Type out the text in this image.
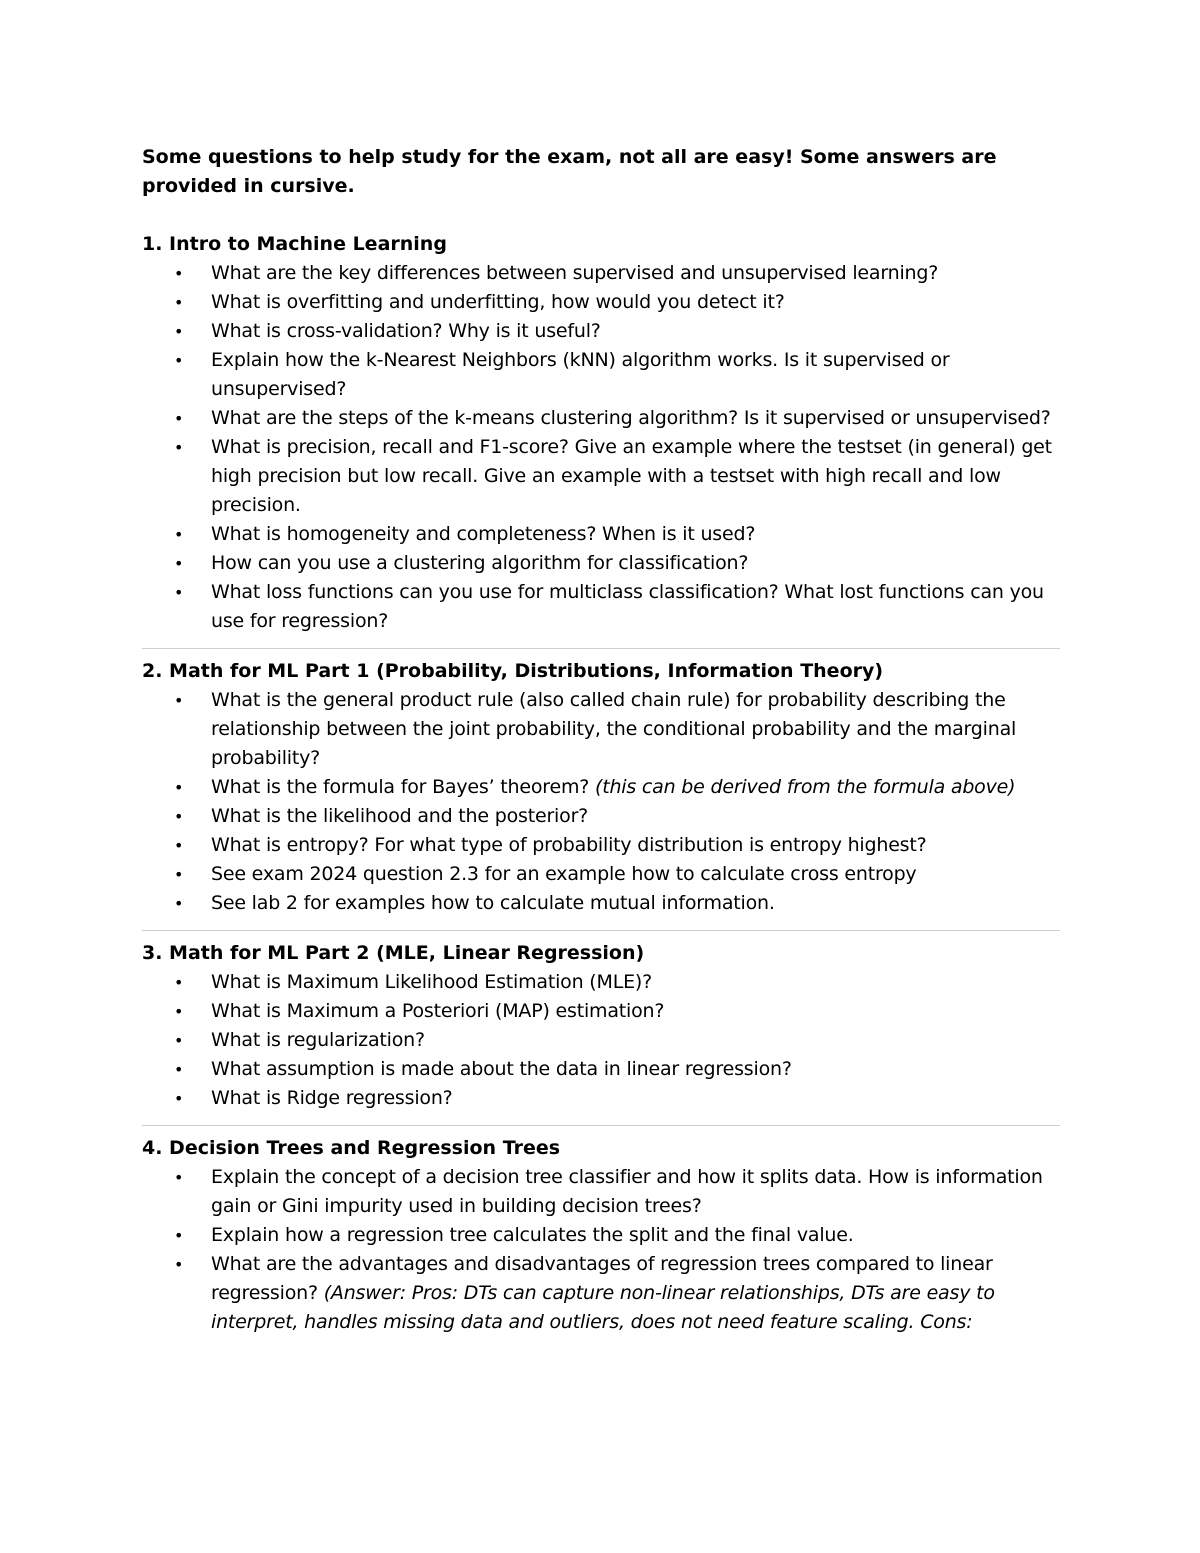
Some questions to help study for the exam, not all are easy! Some answers are

provided in cursive.

1. Intro to Machine Learning

• What are the key differences between supervised and unsupervised learning?
• What is overfitting and underfitting, how would you detect it?
• What is cross-validation? Why is it useful?
• Explain how the k-Nearest Neighbors (kNN) algorithm works. Is it supervised or unsupervised?
• What are the steps of the k-means clustering algorithm? Is it supervised or unsupervised?
• What is precision, recall and F1-score? Give an example where the testset (in general) get high precision but low recall. Give an example with a testset with high recall and low precision.
• What is homogeneity and completeness? When is it used?
• How can you use a clustering algorithm for classification?
• What loss functions can you use for multiclass classification? What lost functions can you use for regression?

2. Math for ML Part 1 (Probability, Distributions, Information Theory)

• What is the general product rule (also called chain rule) for probability describing the relationship between the joint probability, the conditional probability and the marginal probability?
• What is the formula for Bayes’ theorem? (this can be derived from the formula above)
• What is the likelihood and the posterior?
• What is entropy? For what type of probability distribution is entropy highest?
• See exam 2024 question 2.3 for an example how to calculate cross entropy
• See lab 2 for examples how to calculate mutual information.

3. Math for ML Part 2 (MLE, Linear Regression)

• What is Maximum Likelihood Estimation (MLE)?
• What is Maximum a Posteriori (MAP) estimation?
• What is regularization?
• What assumption is made about the data in linear regression?
• What is Ridge regression?

4. Decision Trees and Regression Trees

• Explain the concept of a decision tree classifier and how it splits data. How is information gain or Gini impurity used in building decision trees?
• Explain how a regression tree calculates the split and the final value.
• What are the advantages and disadvantages of regression trees compared to linear regression? (Answer: Pros: DTs can capture non-linear relationships, DTs are easy to interpret, handles missing data and outliers, does not need feature scaling. Cons:
